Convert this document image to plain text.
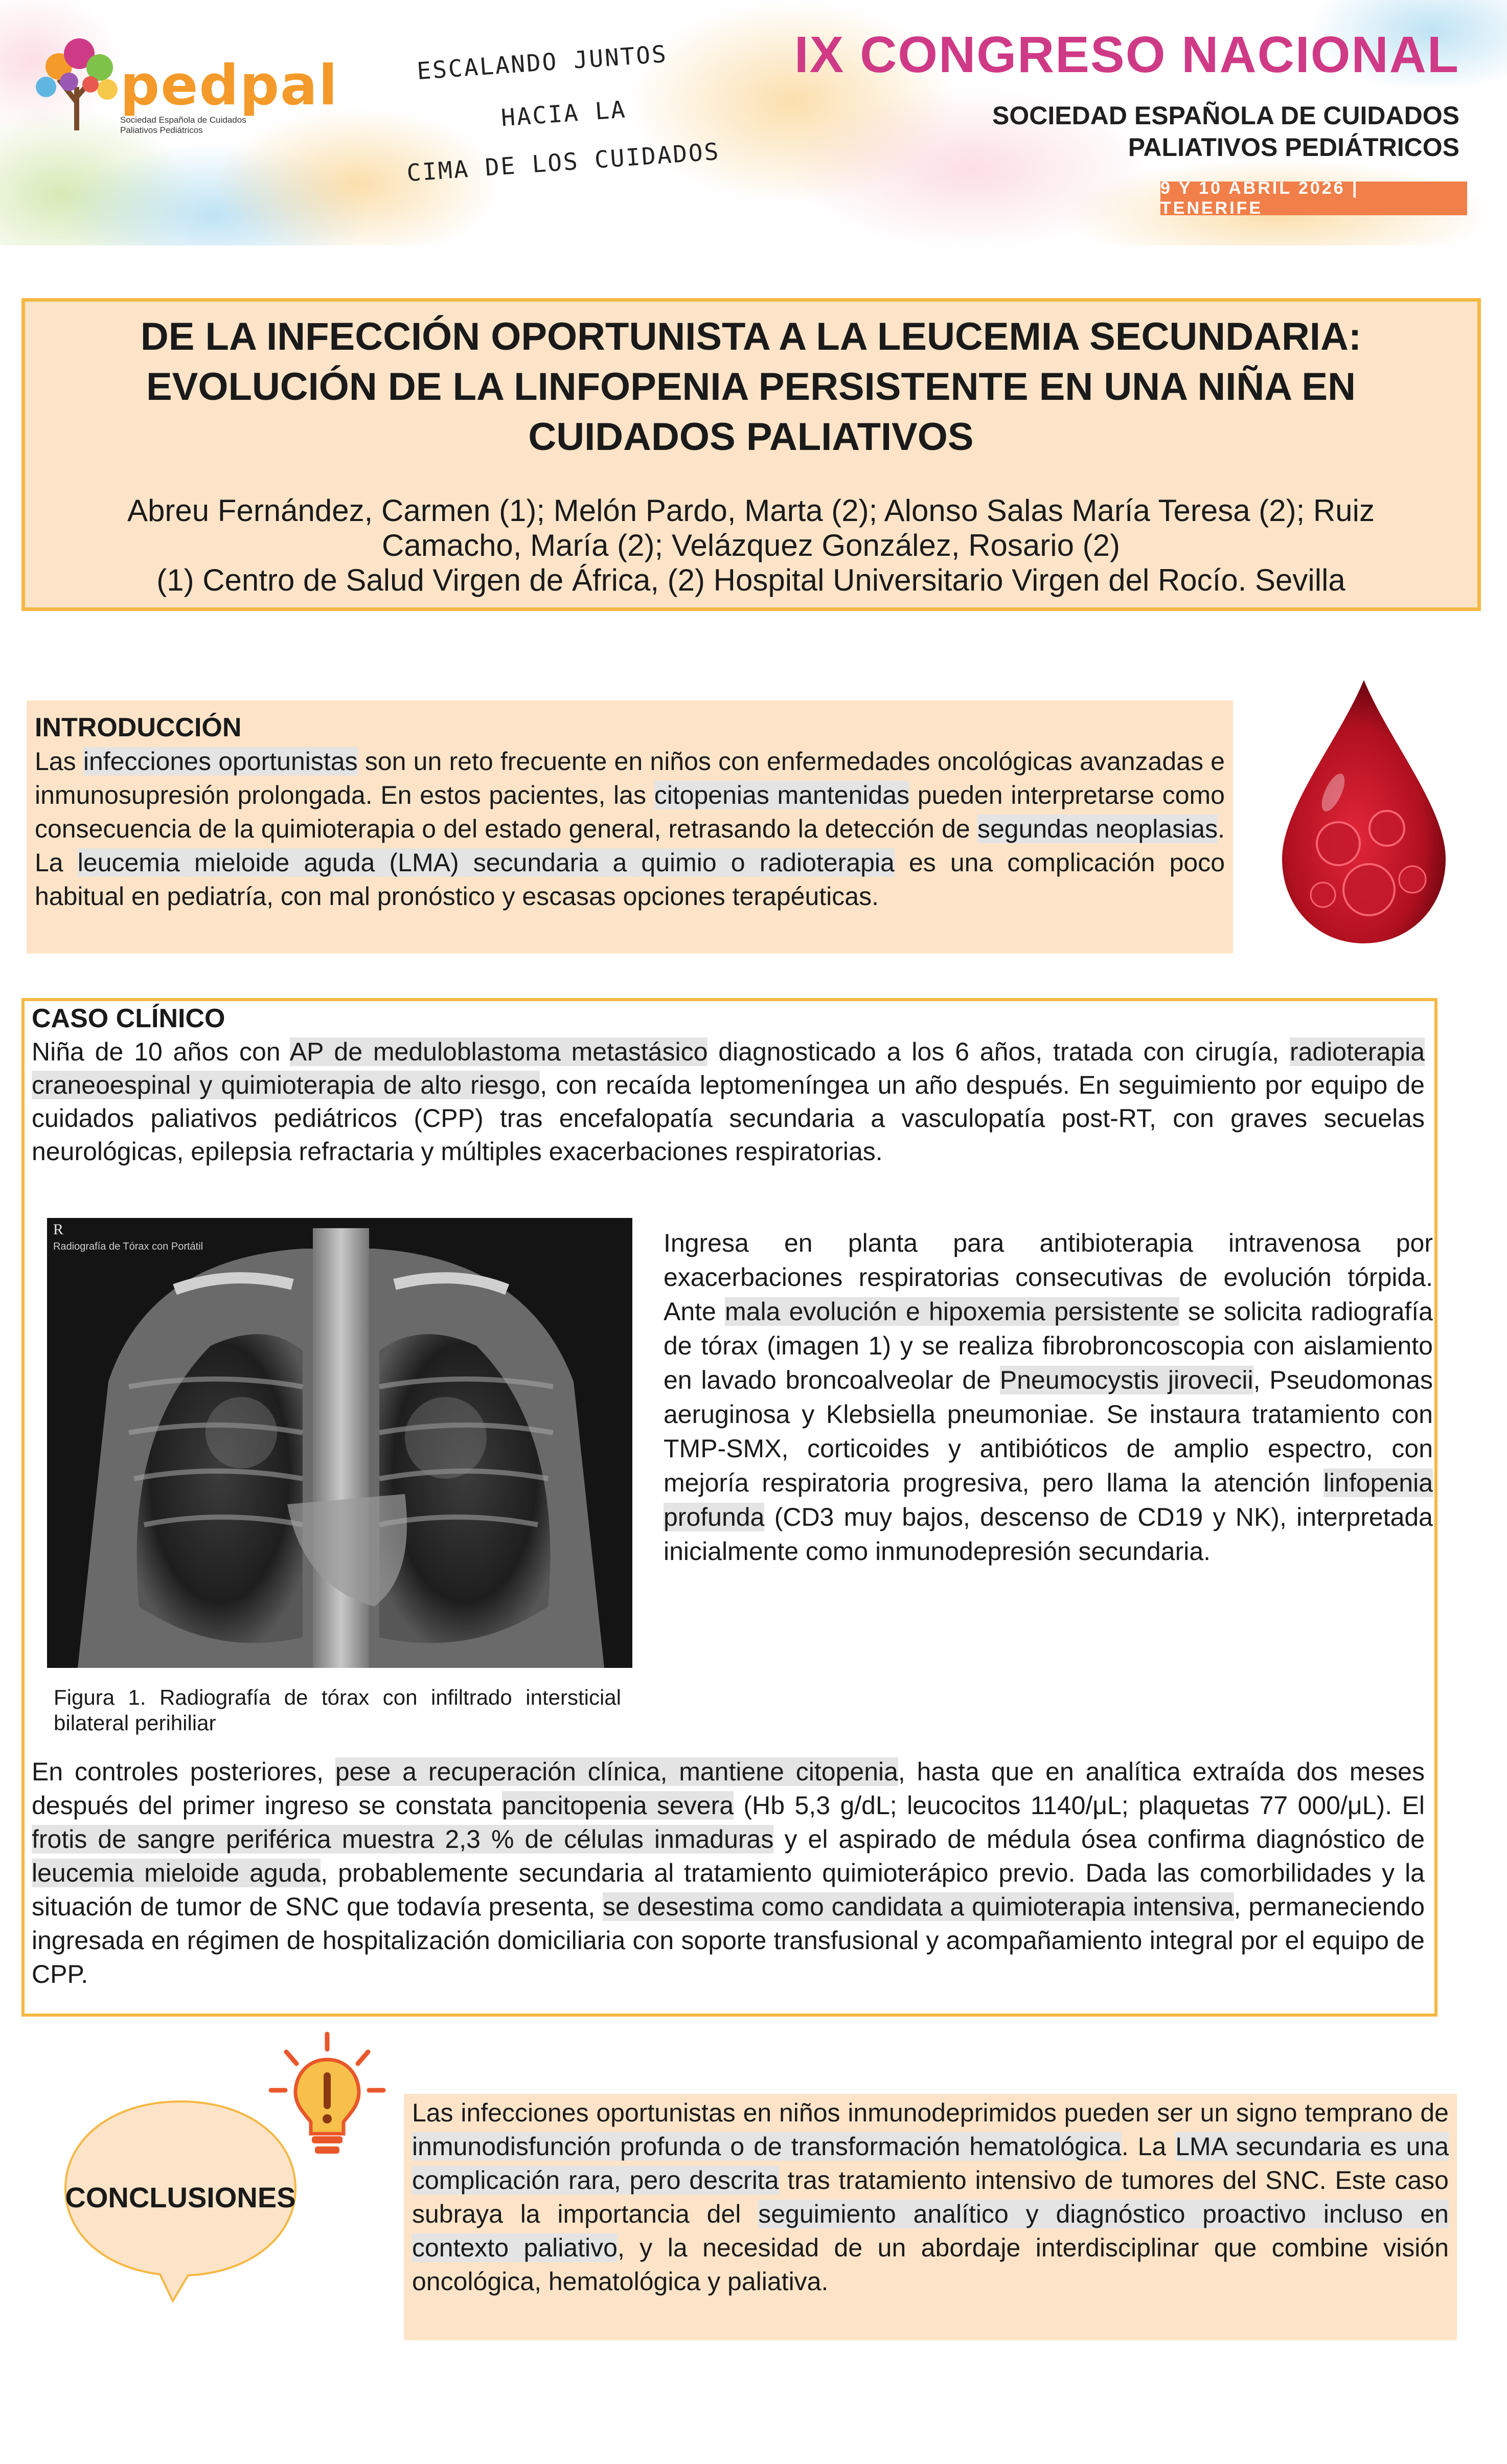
pedpal
Sociedad Española de Cuidados Paliativos Pediátricos
ESCALANDO JUNTOS
HACIA LA
CIMA DE LOS CUIDADOS
IX CONGRESO NACIONAL
SOCIEDAD ESPAÑOLA DE CUIDADOS
PALIATIVOS PEDIÁTRICOS
9 Y 10 ABRIL 2026 | TENERIFE
DE LA INFECCIÓN OPORTUNISTA A LA LEUCEMIA SECUNDARIA: EVOLUCIÓN DE LA LINFOPENIA PERSISTENTE EN UNA NIÑA EN CUIDADOS PALIATIVOS
Abreu Fernández, Carmen (1); Melón Pardo, Marta (2); Alonso Salas María Teresa (2); Ruiz Camacho, María (2); Velázquez González, Rosario (2)
(1) Centro de Salud Virgen de África, (2) Hospital Universitario Virgen del Rocío. Sevilla
INTRODUCCIÓN
Las infecciones oportunistas son un reto frecuente en niños con enfermedades oncológicas avanzadas e inmunosupresión prolongada. En estos pacientes, las citopenias mantenidas pueden interpretarse como consecuencia de la quimioterapia o del estado general, retrasando la detección de segundas neoplasias. La leucemia mieloide aguda (LMA) secundaria a quimio o radioterapia es una complicación poco habitual en pediatría, con mal pronóstico y escasas opciones terapéuticas.
CASO CLÍNICO
Niña de 10 años con AP de meduloblastoma metastásico diagnosticado a los 6 años, tratada con cirugía, radioterapia craneoespinal y quimioterapia de alto riesgo, con recaída leptomeníngea un año después. En seguimiento por equipo de cuidados paliativos pediátricos (CPP) tras encefalopatía secundaria a vasculopatía post-RT, con graves secuelas neurológicas, epilepsia refractaria y múltiples exacerbaciones respiratorias.
R
Radiografía de Tórax con Portátil
Figura 1. Radiografía de tórax con infiltrado intersticial bilateral perihiliar
Ingresa en planta para antibioterapia intravenosa por exacerbaciones respiratorias consecutivas de evolución tórpida. Ante mala evolución e hipoxemia persistente se solicita radiografía de tórax (imagen 1) y se realiza fibrobroncoscopia con aislamiento en lavado broncoalveolar de Pneumocystis jirovecii, Pseudomonas aeruginosa y Klebsiella pneumoniae. Se instaura tratamiento con TMP-SMX, corticoides y antibióticos de amplio espectro, con mejoría respiratoria progresiva, pero llama la atención linfopenia profunda (CD3 muy bajos, descenso de CD19 y NK), interpretada inicialmente como inmunodepresión secundaria.
En controles posteriores, pese a recuperación clínica, mantiene citopenia, hasta que en analítica extraída dos meses después del primer ingreso se constata pancitopenia severa (Hb 5,3 g/dL; leucocitos 1140/μL; plaquetas 77 000/μL). El frotis de sangre periférica muestra 2,3 % de células inmaduras y el aspirado de médula ósea confirma diagnóstico de leucemia mieloide aguda, probablemente secundaria al tratamiento quimioterápico previo. Dada las comorbilidades y la situación de tumor de SNC que todavía presenta, se desestima como candidata a quimioterapia intensiva, permaneciendo ingresada en régimen de hospitalización domiciliaria con soporte transfusional y acompañamiento integral por el equipo de CPP.
CONCLUSIONES
Las infecciones oportunistas en niños inmunodeprimidos pueden ser un signo temprano de inmunodisfunción profunda o de transformación hematológica. La LMA secundaria es una complicación rara, pero descrita tras tratamiento intensivo de tumores del SNC. Este caso subraya la importancia del seguimiento analítico y diagnóstico proactivo incluso en contexto paliativo, y la necesidad de un abordaje interdisciplinar que combine visión oncológica, hematológica y paliativa.
